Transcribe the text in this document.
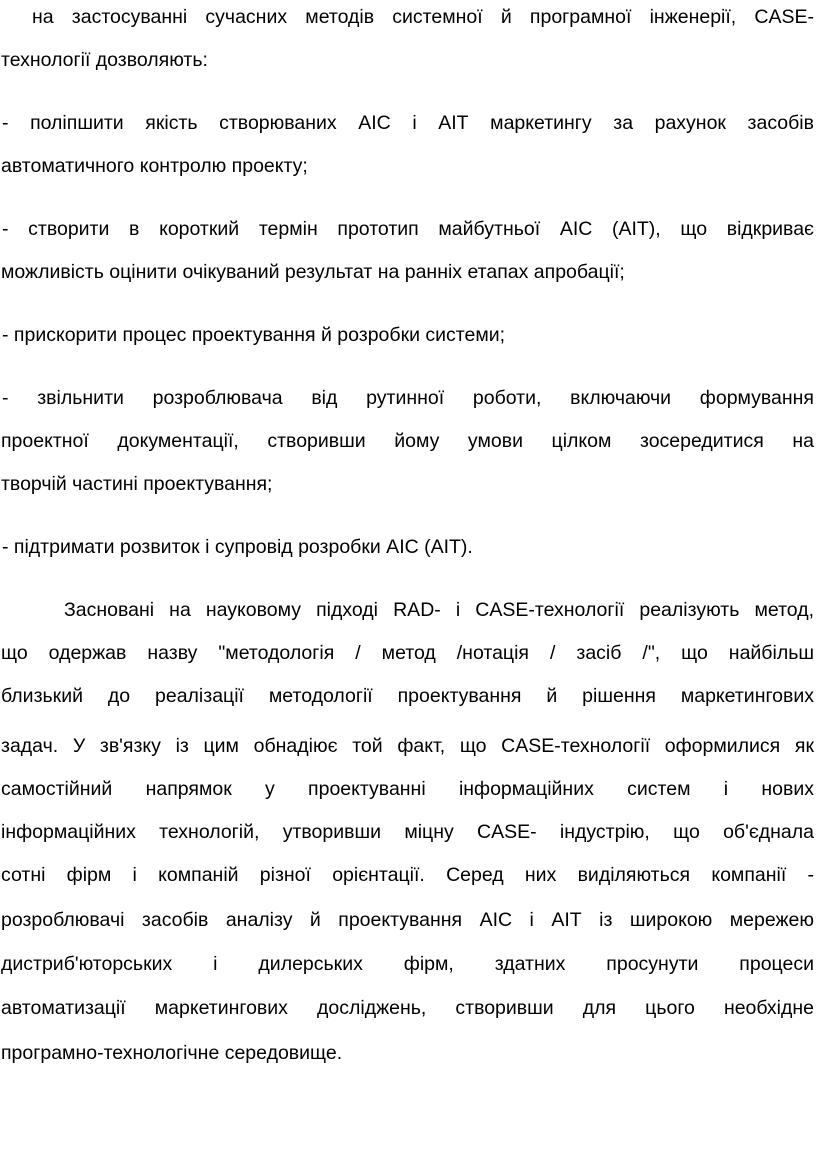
на застосуванні сучасних методів системної й програмної інженерії, CASE-
технології дозволяють:
- поліпшити якість створюваних АІС і АІТ маркетингу за рахунок засобів
автоматичного контролю проекту;
- створити в короткий термін прототип майбутньої АІС (АІТ), що відкриває
можливість оцінити очікуваний результат на ранніх етапах апробації;
- прискорити процес проектування й розробки системи;
- звільнити розроблювача від рутинної роботи, включаючи формування
проектної документації, створивши йому умови цілком зосередитися на
творчій частині проектування;
- підтримати розвиток і супровід розробки АІС (АІТ).
Засновані на науковому підході RAD- і CASE-технології реалізують метод,
що одержав назву "методологія / метод /нотація / засіб /", що найбільш
близький до реалізації методології проектування й рішення маркетингових
задач. У зв'язку із цим обнадіює той факт, що CASE-технології оформилися як
самостійний напрямок у проектуванні інформаційних систем і нових
інформаційних технологій, утворивши міцну CASE- індустрію, що об'єднала
сотні фірм і компаній різної орієнтації. Серед них виділяються компанії -
розроблювачі засобів аналізу й проектування АІС і АІТ із широкою мережею
дистриб'юторських і дилерських фірм, здатних просунути процеси
автоматизації маркетингових досліджень, створивши для цього необхідне
програмно-технологічне середовище.
